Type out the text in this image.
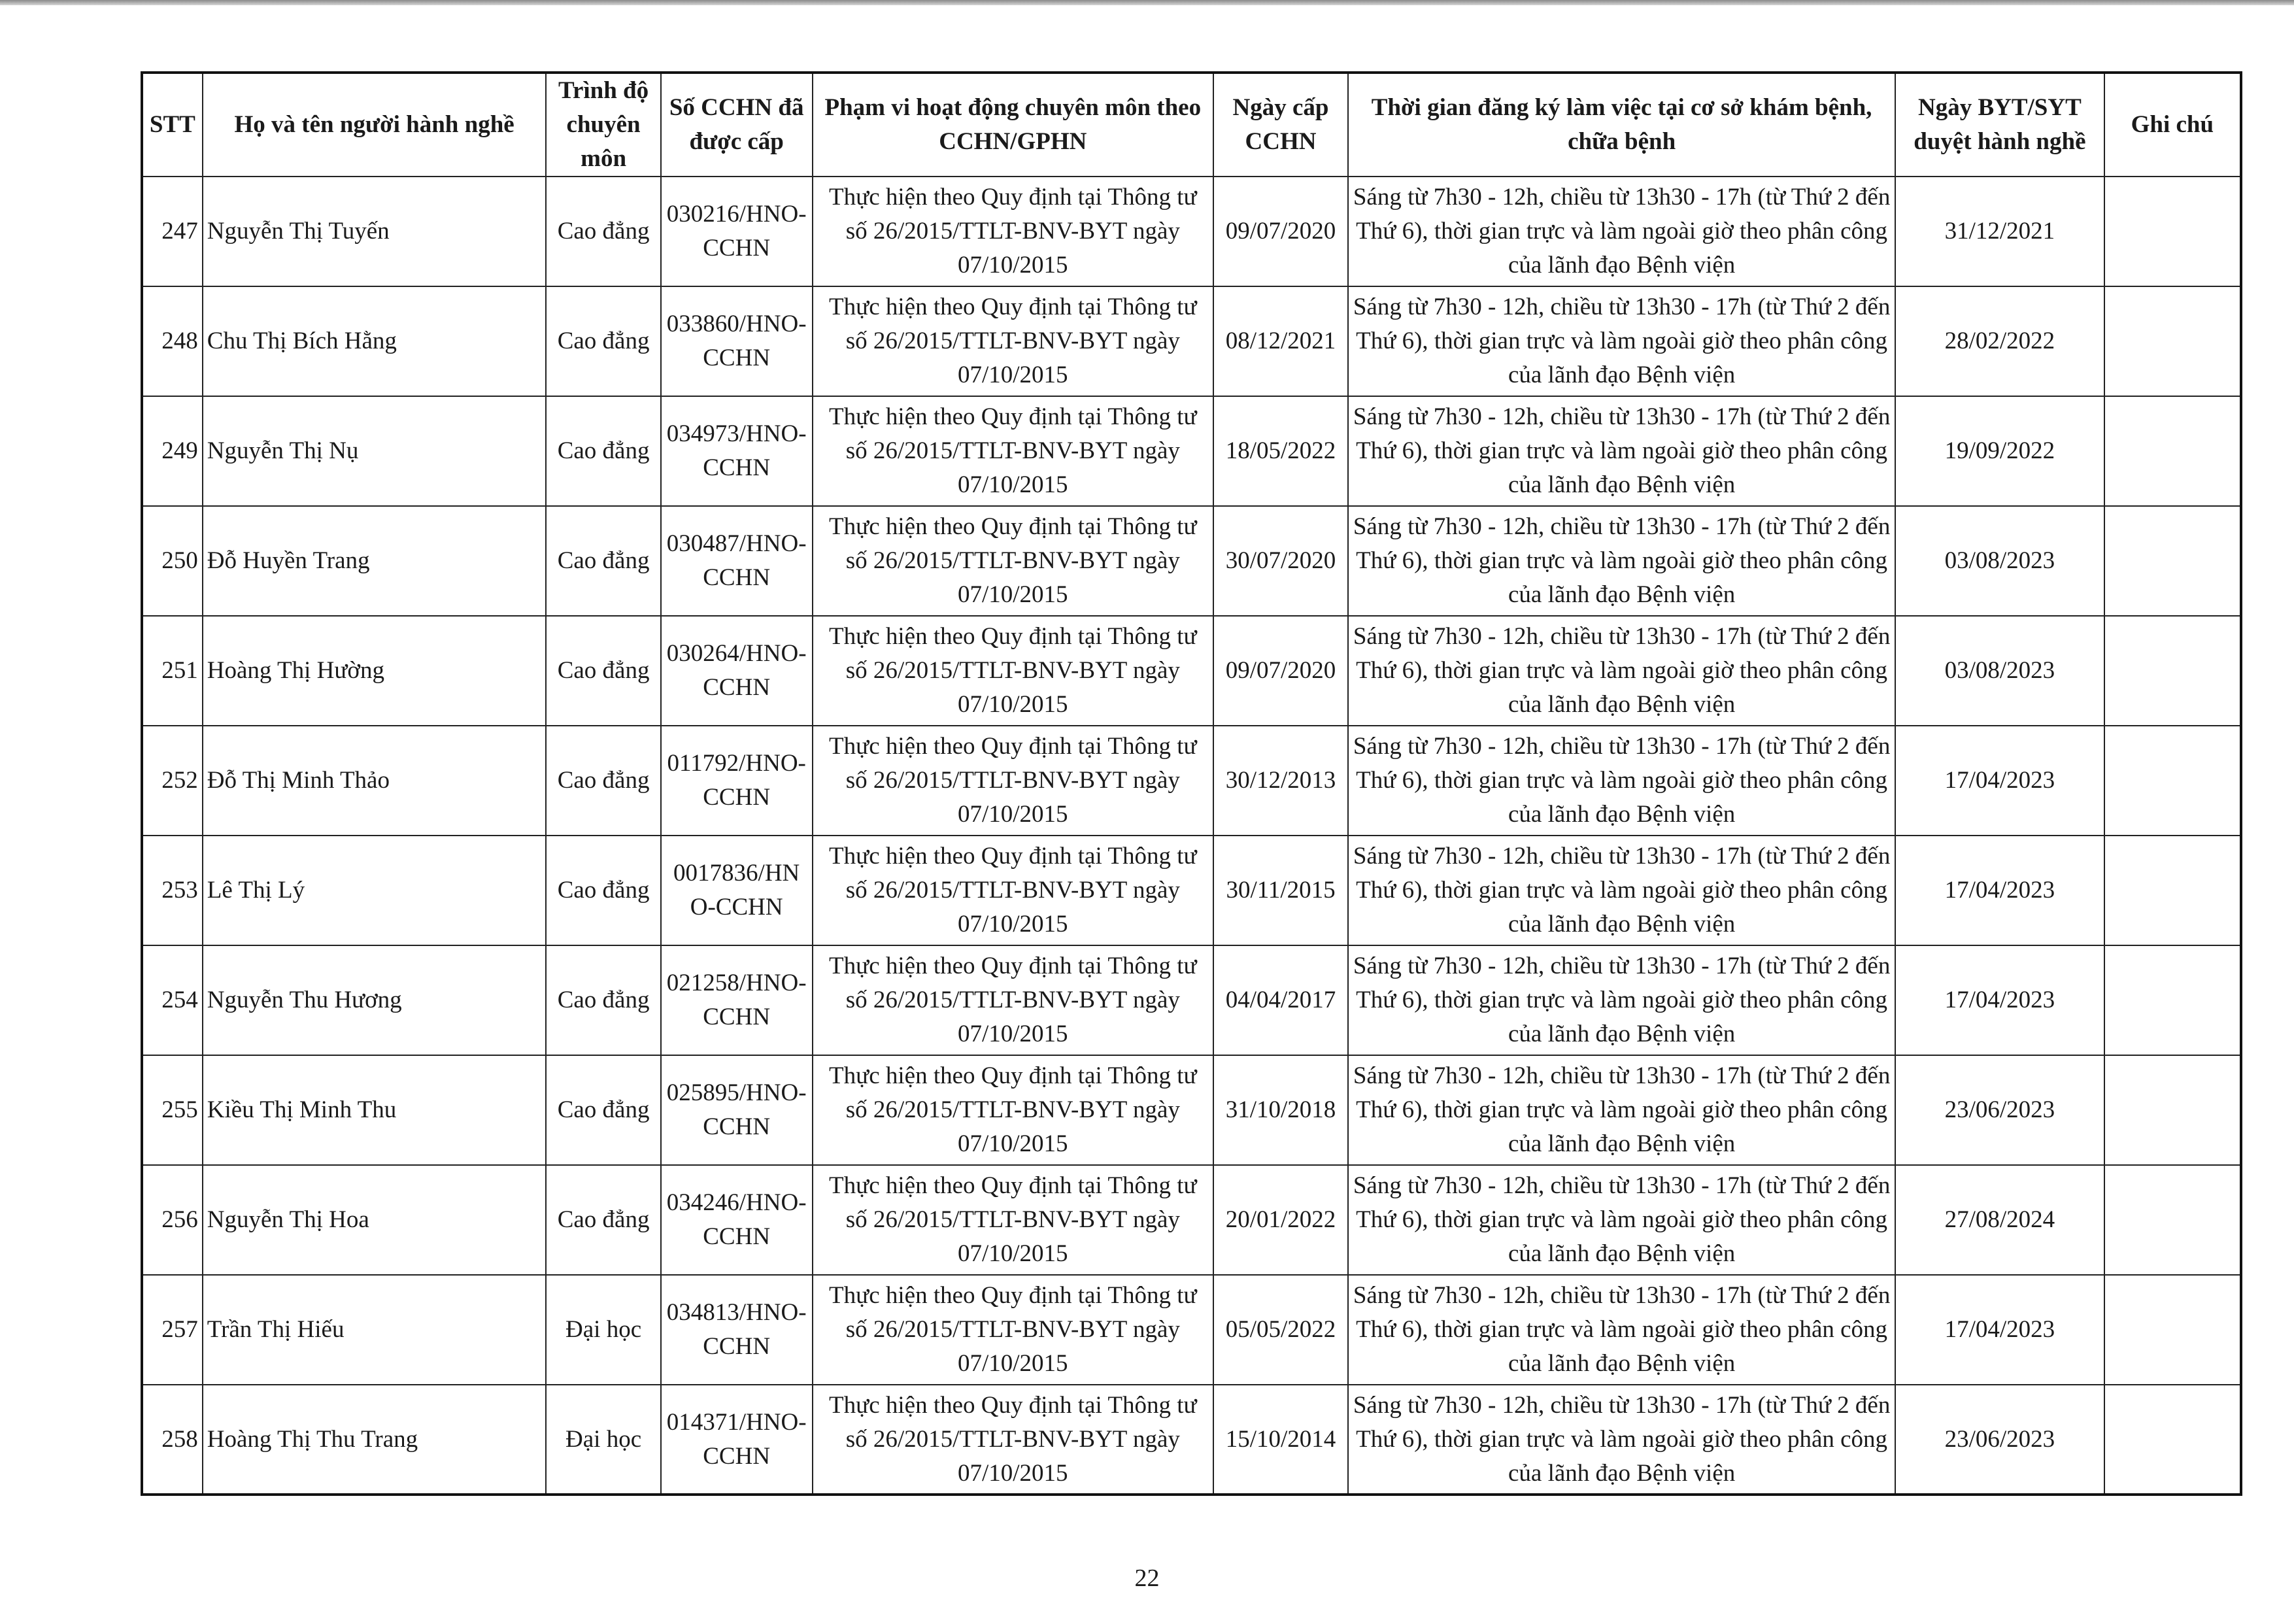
STT	Họ và tên người hành nghề	Trình độ chuyên môn	Số CCHN đã được cấp	Phạm vi hoạt động chuyên môn theo CCHN/GPHN	Ngày cấp CCHN	Thời gian đăng ký làm việc tại cơ sở khám bệnh, chữa bệnh	Ngày BYT/SYT duyệt hành nghề	Ghi chú
247	Nguyễn Thị Tuyến	Cao đẳng	030216/HNO-CCHN	Thực hiện theo Quy định tại Thông tư số 26/2015/TTLT-BNV-BYT ngày 07/10/2015	09/07/2020	Sáng từ 7h30 - 12h, chiều từ 13h30 - 17h (từ Thứ 2 đến Thứ 6), thời gian trực và làm ngoài giờ theo phân công của lãnh đạo Bệnh viện	31/12/2021	
248	Chu Thị Bích Hằng	Cao đẳng	033860/HNO-CCHN	Thực hiện theo Quy định tại Thông tư số 26/2015/TTLT-BNV-BYT ngày 07/10/2015	08/12/2021	Sáng từ 7h30 - 12h, chiều từ 13h30 - 17h (từ Thứ 2 đến Thứ 6), thời gian trực và làm ngoài giờ theo phân công của lãnh đạo Bệnh viện	28/02/2022	
249	Nguyễn Thị Nụ	Cao đẳng	034973/HNO-CCHN	Thực hiện theo Quy định tại Thông tư số 26/2015/TTLT-BNV-BYT ngày 07/10/2015	18/05/2022	Sáng từ 7h30 - 12h, chiều từ 13h30 - 17h (từ Thứ 2 đến Thứ 6), thời gian trực và làm ngoài giờ theo phân công của lãnh đạo Bệnh viện	19/09/2022	
250	Đỗ Huyền Trang	Cao đẳng	030487/HNO-CCHN	Thực hiện theo Quy định tại Thông tư số 26/2015/TTLT-BNV-BYT ngày 07/10/2015	30/07/2020	Sáng từ 7h30 - 12h, chiều từ 13h30 - 17h (từ Thứ 2 đến Thứ 6), thời gian trực và làm ngoài giờ theo phân công của lãnh đạo Bệnh viện	03/08/2023	
251	Hoàng Thị Hường	Cao đẳng	030264/HNO-CCHN	Thực hiện theo Quy định tại Thông tư số 26/2015/TTLT-BNV-BYT ngày 07/10/2015	09/07/2020	Sáng từ 7h30 - 12h, chiều từ 13h30 - 17h (từ Thứ 2 đến Thứ 6), thời gian trực và làm ngoài giờ theo phân công của lãnh đạo Bệnh viện	03/08/2023	
252	Đỗ Thị Minh Thảo	Cao đẳng	011792/HNO-CCHN	Thực hiện theo Quy định tại Thông tư số 26/2015/TTLT-BNV-BYT ngày 07/10/2015	30/12/2013	Sáng từ 7h30 - 12h, chiều từ 13h30 - 17h (từ Thứ 2 đến Thứ 6), thời gian trực và làm ngoài giờ theo phân công của lãnh đạo Bệnh viện	17/04/2023	
253	Lê Thị Lý	Cao đẳng	0017836/HNO-CCHN	Thực hiện theo Quy định tại Thông tư số 26/2015/TTLT-BNV-BYT ngày 07/10/2015	30/11/2015	Sáng từ 7h30 - 12h, chiều từ 13h30 - 17h (từ Thứ 2 đến Thứ 6), thời gian trực và làm ngoài giờ theo phân công của lãnh đạo Bệnh viện	17/04/2023	
254	Nguyễn Thu Hương	Cao đẳng	021258/HNO-CCHN	Thực hiện theo Quy định tại Thông tư số 26/2015/TTLT-BNV-BYT ngày 07/10/2015	04/04/2017	Sáng từ 7h30 - 12h, chiều từ 13h30 - 17h (từ Thứ 2 đến Thứ 6), thời gian trực và làm ngoài giờ theo phân công của lãnh đạo Bệnh viện	17/04/2023	
255	Kiều Thị Minh Thu	Cao đẳng	025895/HNO-CCHN	Thực hiện theo Quy định tại Thông tư số 26/2015/TTLT-BNV-BYT ngày 07/10/2015	31/10/2018	Sáng từ 7h30 - 12h, chiều từ 13h30 - 17h (từ Thứ 2 đến Thứ 6), thời gian trực và làm ngoài giờ theo phân công của lãnh đạo Bệnh viện	23/06/2023	
256	Nguyễn Thị Hoa	Cao đẳng	034246/HNO-CCHN	Thực hiện theo Quy định tại Thông tư số 26/2015/TTLT-BNV-BYT ngày 07/10/2015	20/01/2022	Sáng từ 7h30 - 12h, chiều từ 13h30 - 17h (từ Thứ 2 đến Thứ 6), thời gian trực và làm ngoài giờ theo phân công của lãnh đạo Bệnh viện	27/08/2024	
257	Trần Thị Hiếu	Đại học	034813/HNO-CCHN	Thực hiện theo Quy định tại Thông tư số 26/2015/TTLT-BNV-BYT ngày 07/10/2015	05/05/2022	Sáng từ 7h30 - 12h, chiều từ 13h30 - 17h (từ Thứ 2 đến Thứ 6), thời gian trực và làm ngoài giờ theo phân công của lãnh đạo Bệnh viện	17/04/2023	
258	Hoàng Thị Thu Trang	Đại học	014371/HNO-CCHN	Thực hiện theo Quy định tại Thông tư số 26/2015/TTLT-BNV-BYT ngày 07/10/2015	15/10/2014	Sáng từ 7h30 - 12h, chiều từ 13h30 - 17h (từ Thứ 2 đến Thứ 6), thời gian trực và làm ngoài giờ theo phân công của lãnh đạo Bệnh viện	23/06/2023	
22
